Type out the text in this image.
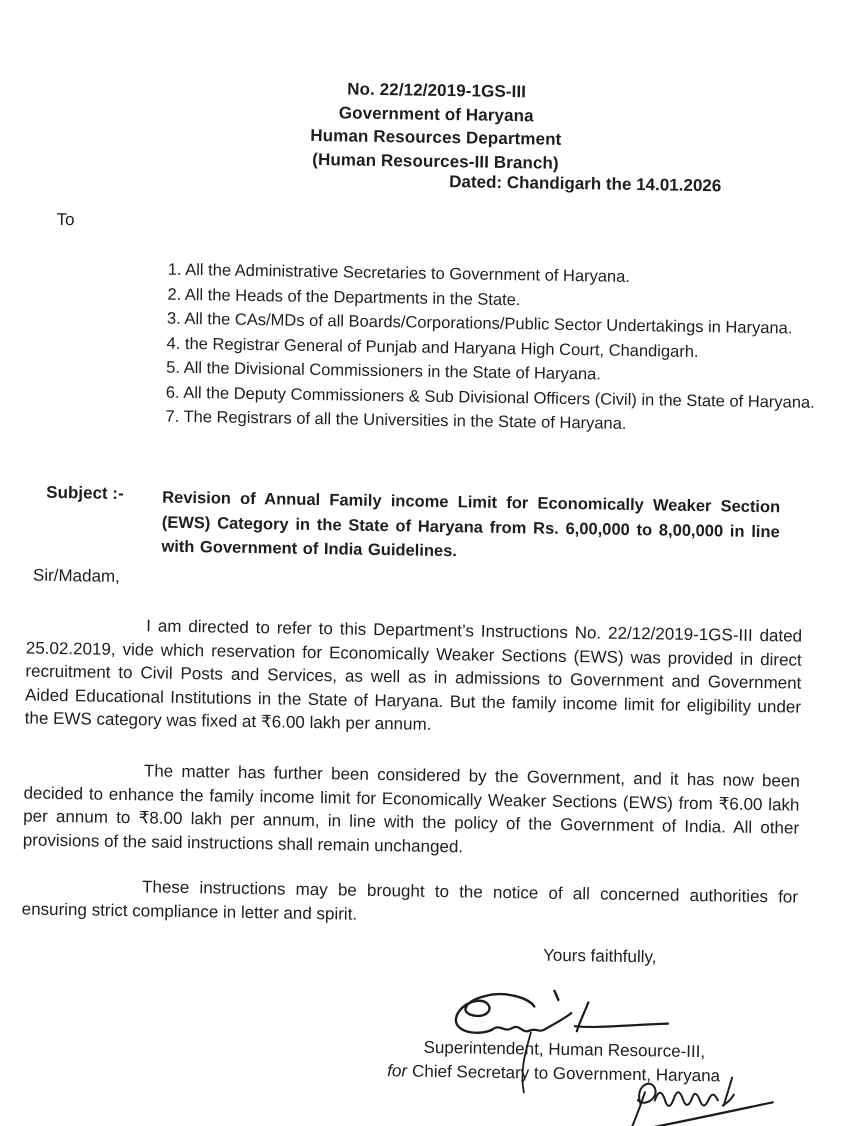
No. 22/12/2019-1GS-III
Government of Haryana
Human Resources Department
(Human Resources-III Branch)
Dated: Chandigarh the 14.01.2026
To
1. All the Administrative Secretaries to Government of Haryana.
2. All the Heads of the Departments in the State.
3. All the CAs/MDs of all Boards/Corporations/Public Sector Undertakings in Haryana.
4. the Registrar General of Punjab and Haryana High Court, Chandigarh.
5. All the Divisional Commissioners in the State of Haryana.
6. All the Deputy Commissioners & Sub Divisional Officers (Civil) in the State of Haryana.
7. The Registrars of all the Universities in the State of Haryana.
Subject :- Revision of Annual Family income Limit for Economically Weaker Section (EWS) Category in the State of Haryana from Rs. 6,00,000 to 8,00,000 in line with Government of India Guidelines.
Sir/Madam,
I am directed to refer to this Department’s Instructions No. 22/12/2019-1GS-III dated 25.02.2019, vide which reservation for Economically Weaker Sections (EWS) was provided in direct recruitment to Civil Posts and Services, as well as in admissions to Government and Government Aided Educational Institutions in the State of Haryana. But the family income limit for eligibility under the EWS category was fixed at ₹6.00 lakh per annum.
The matter has further been considered by the Government, and it has now been decided to enhance the family income limit for Economically Weaker Sections (EWS) from ₹6.00 lakh per annum to ₹8.00 lakh per annum, in line with the policy of the Government of India. All other provisions of the said instructions shall remain unchanged.
These instructions may be brought to the notice of all concerned authorities for ensuring strict compliance in letter and spirit.
Yours faithfully,
Superintendent, Human Resource-III,
for Chief Secretary to Government, Haryana
